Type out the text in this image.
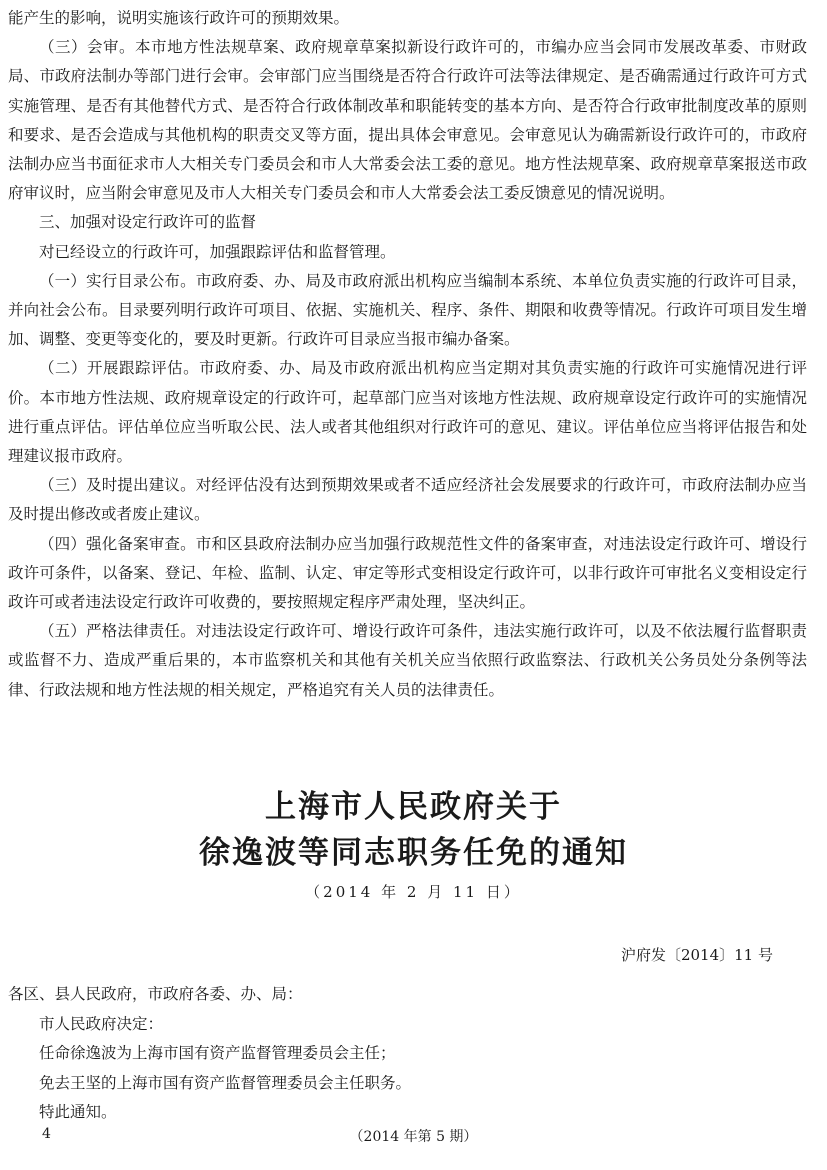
能产生的影响，说明实施该行政许可的预期效果。

（三）会审。本市地方性法规草案、政府规章草案拟新设行政许可的，市编办应当会同市发展改革委、市财政局、市政府法制办等部门进行会审。会审部门应当围绕是否符合行政许可法等法律规定、是否确需通过行政许可方式实施管理、是否有其他替代方式、是否符合行政体制改革和职能转变的基本方向、是否符合行政审批制度改革的原则和要求、是否会造成与其他机构的职责交叉等方面，提出具体会审意见。会审意见认为确需新设行政许可的，市政府法制办应当书面征求市人大相关专门委员会和市人大常委会法工委的意见。地方性法规草案、政府规章草案报送市政府审议时，应当附会审意见及市人大相关专门委员会和市人大常委会法工委反馈意见的情况说明。

三、加强对设定行政许可的监督

对已经设立的行政许可，加强跟踪评估和监督管理。

（一）实行目录公布。市政府委、办、局及市政府派出机构应当编制本系统、本单位负责实施的行政许可目录，并向社会公布。目录要列明行政许可项目、依据、实施机关、程序、条件、期限和收费等情况。行政许可项目发生增加、调整、变更等变化的，要及时更新。行政许可目录应当报市编办备案。

（二）开展跟踪评估。市政府委、办、局及市政府派出机构应当定期对其负责实施的行政许可实施情况进行评价。本市地方性法规、政府规章设定的行政许可，起草部门应当对该地方性法规、政府规章设定行政许可的实施情况进行重点评估。评估单位应当听取公民、法人或者其他组织对行政许可的意见、建议。评估单位应当将评估报告和处理建议报市政府。

（三）及时提出建议。对经评估没有达到预期效果或者不适应经济社会发展要求的行政许可，市政府法制办应当及时提出修改或者废止建议。

（四）强化备案审查。市和区县政府法制办应当加强行政规范性文件的备案审查，对违法设定行政许可、增设行政许可条件，以备案、登记、年检、监制、认定、审定等形式变相设定行政许可，以非行政许可审批名义变相设定行政许可或者违法设定行政许可收费的，要按照规定程序严肃处理，坚决纠正。

（五）严格法律责任。对违法设定行政许可、增设行政许可条件，违法实施行政许可，以及不依法履行监督职责或监督不力、造成严重后果的，本市监察机关和其他有关机关应当依照行政监察法、行政机关公务员处分条例等法律、行政法规和地方性法规的相关规定，严格追究有关人员的法律责任。

上海市人民政府关于
徐逸波等同志职务任免的通知
（2014 年 2 月 11 日）
沪府发〔2014〕11 号

各区、县人民政府，市政府各委、办、局：

市人民政府决定：

任命徐逸波为上海市国有资产监督管理委员会主任；

免去王坚的上海市国有资产监督管理委员会主任职务。

特此通知。

4	（2014 年第 5 期）
